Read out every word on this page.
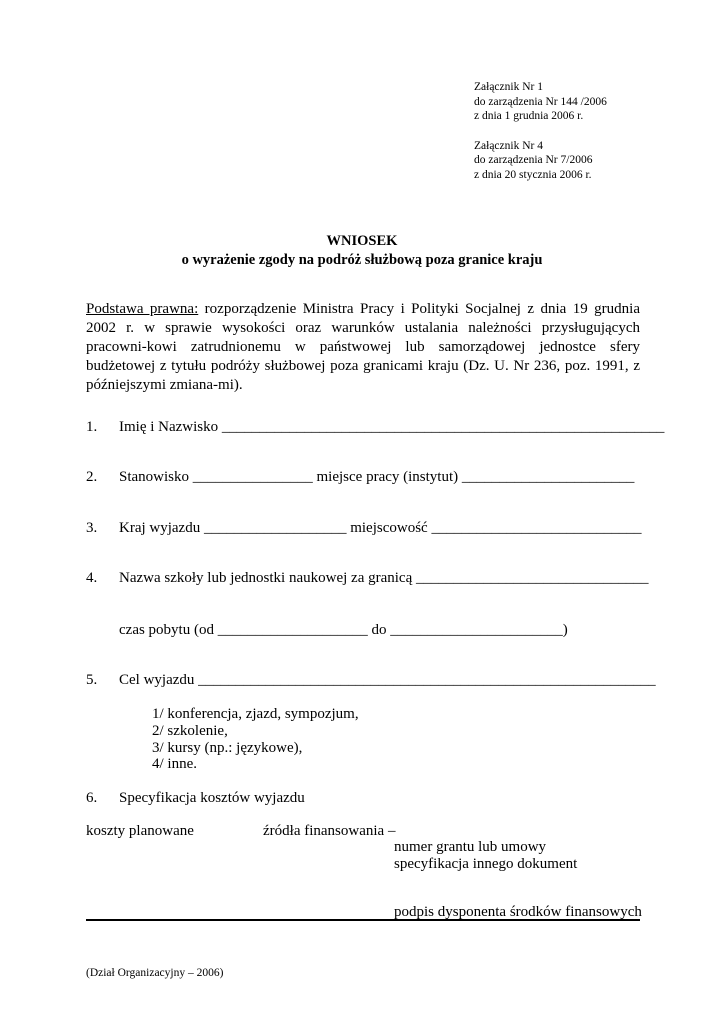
Załącznik Nr 1
do zarządzenia Nr 144 /2006
z dnia 1 grudnia 2006 r.
Załącznik Nr 4
do zarządzenia Nr 7/2006
z dnia 20 stycznia 2006 r.
WNIOSEK
o wyrażenie zgody na podróż służbową poza granice kraju
Podstawa prawna: rozporządzenie Ministra Pracy i Polityki Socjalnej z dnia 19 grudnia 2002 r. w sprawie wysokości oraz warunków ustalania należności przysługujących pracowni-kowi zatrudnionemu w państwowej lub samorządowej jednostce sfery budżetowej z tytułu podróży służbowej poza granicami kraju (Dz. U. Nr 236, poz. 1991, z późniejszymi zmiana-mi).
1. Imię i Nazwisko ___________________________________________________________
2. Stanowisko ________________ miejsce pracy (instytut) _______________________
3. Kraj wyjazdu ___________________ miejscowość ____________________________
4. Nazwa szkoły lub jednostki naukowej za granicą _______________________________
czas pobytu (od ____________________ do _______________________)
5. Cel wyjazdu _____________________________________________________________
1/ konferencja, zjazd, sympozjum,
2/ szkolenie,
3/ kursy (np.: językowe),
4/ inne.
6. Specyfikacja kosztów wyjazdu
koszty planowane	źródła finansowania –
numer grantu lub umowy
specyfikacja innego dokument
podpis dysponenta środków finansowych
(Dział Organizacyjny – 2006)
